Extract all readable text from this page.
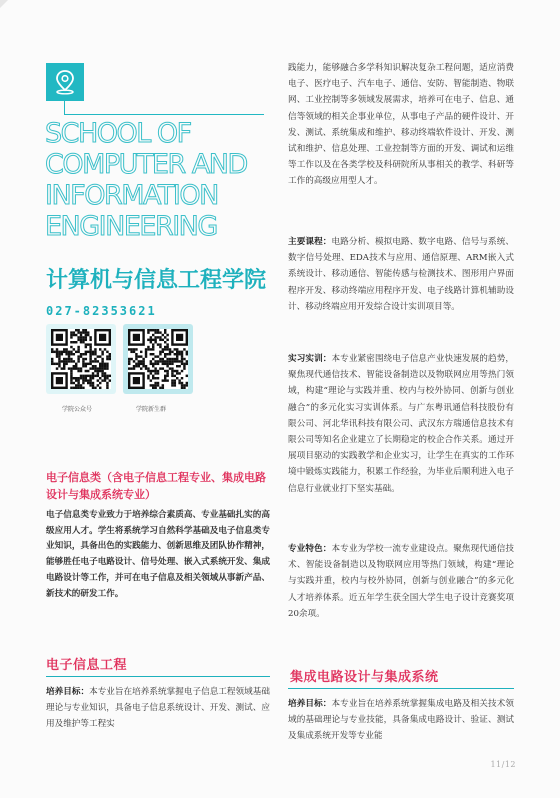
SCHOOL OF COMPUTER AND INFORMATION ENGINEERING
计算机与信息工程学院
027-82353621
学院公众号	学院新生群
电子信息类（含电子信息工程专业、集成电路设计与集成系统专业）
电子信息类专业致力于培养综合素质高、专业基础扎实的高级应用人才。学生将系统学习自然科学基础及电子信息类专业知识，具备出色的实践能力、创新思维及团队协作精神，能够胜任电子电路设计、信号处理、嵌入式系统开发、集成电路设计等工作，并可在电子信息及相关领域从事新产品、新技术的研发工作。
电子信息工程
培养目标：本专业旨在培养系统掌握电子信息工程领域基础理论与专业知识，具备电子信息系统设计、开发、测试、应用及维护等工程实
践能力，能够融合多学科知识解决复杂工程问题，适应消费电子、医疗电子、汽车电子、通信、安防、智能制造、物联网、工业控制等多领域发展需求，培养可在电子、信息、通信等领域的相关企事业单位，从事电子产品的硬件设计、开发、测试、系统集成和维护、移动终端软件设计、开发、测试和维护、信息处理、工业控制等方面的开发、调试和运维等工作以及在各类学校及科研院所从事相关的教学、科研等工作的高级应用型人才。
主要课程：电路分析、模拟电路、数字电路、信号与系统、数字信号处理、EDA技术与应用、通信原理、ARM嵌入式系统设计、移动通信、智能传感与检测技术、图形用户界面程序开发、移动终端应用程序开发、电子线路计算机辅助设计、移动终端应用开发综合设计实训项目等。
实习实训：本专业紧密围绕电子信息产业快速发展的趋势，聚焦现代通信技术、智能设备制造以及物联网应用等热门领域，构建“理论与实践并重、校内与校外协同、创新与创业融合”的多元化实习实训体系。与广东粤讯通信科技股份有限公司、河北华讯科技有限公司、武汉东方瑞通信息技术有限公司等知名企业建立了长期稳定的校企合作关系。通过开展项目驱动的实践教学和企业实习，让学生在真实的工作环境中锻炼实践能力，积累工作经验，为毕业后顺利进入电子信息行业就业打下坚实基础。
专业特色：本专业为学校一流专业建设点。聚焦现代通信技术、智能设备制造以及物联网应用等热门领域，构建“理论与实践并重，校内与校外协同，创新与创业融合”的多元化人才培养体系。近五年学生获全国大学生电子设计竞赛奖项20余项。
集成电路设计与集成系统
培养目标：本专业旨在培养系统掌握集成电路及相关技术领域的基础理论与专业技能，具备集成电路设计、验证、测试及集成系统开发等专业能
11/12
